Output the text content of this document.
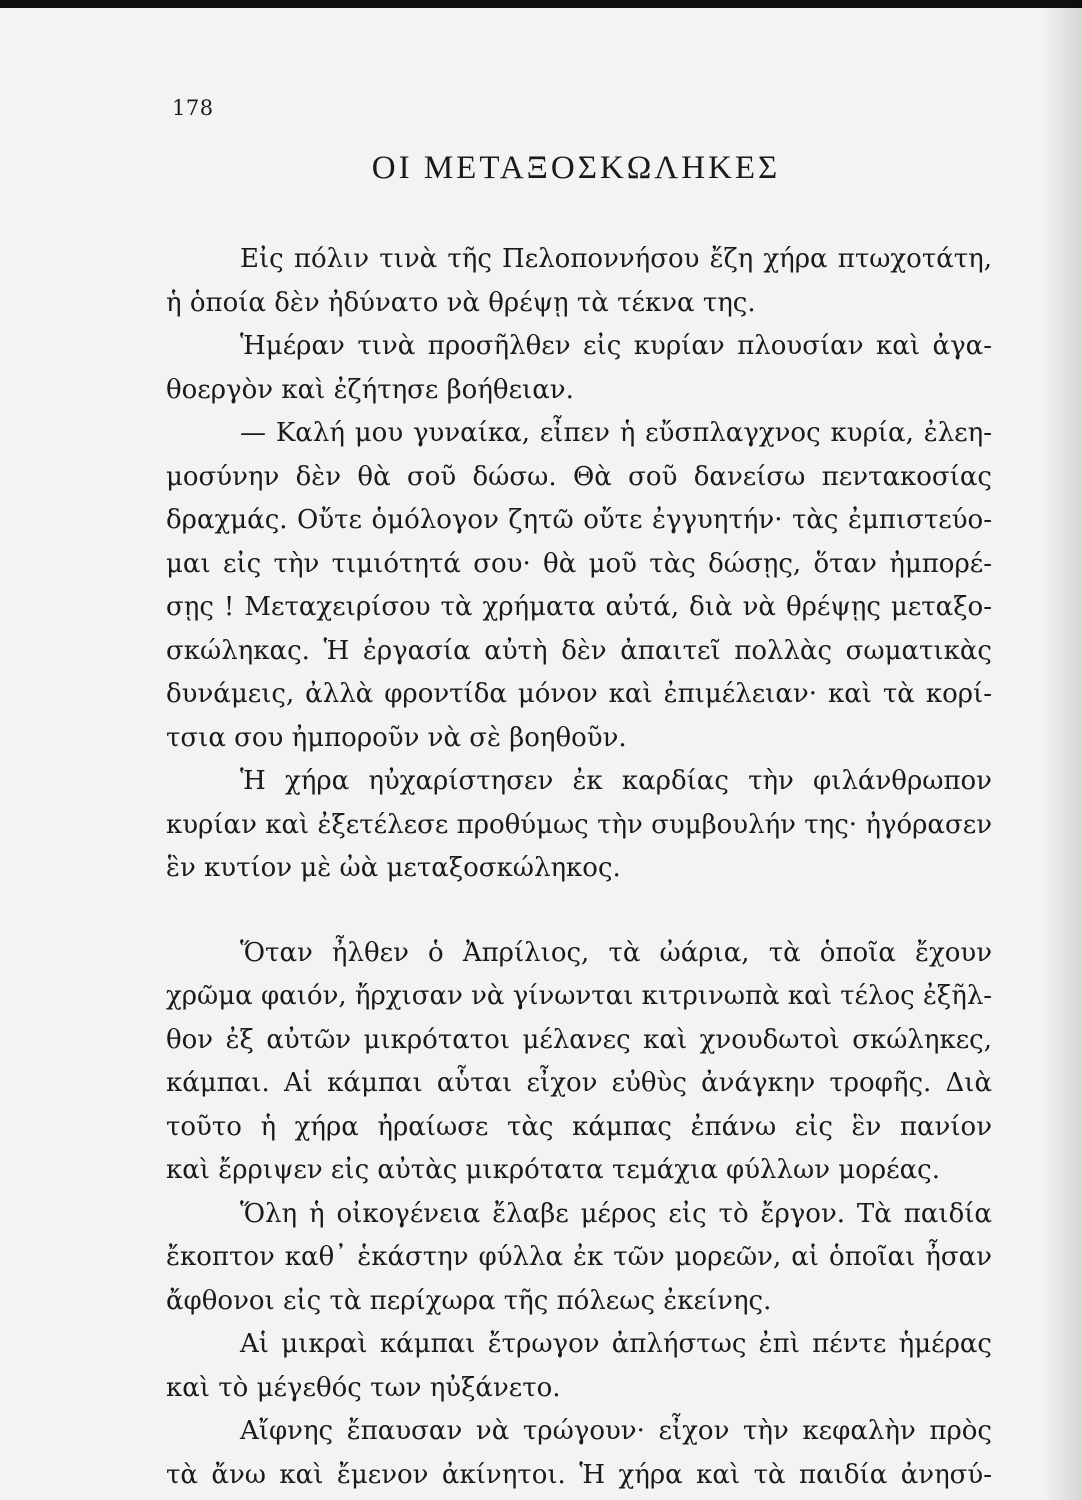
178
ΟΙ ΜΕΤΑΞΟΣΚΩΛΗΚΕΣ
Εἰς πόλιν τινὰ τῆς Πελοποννήσου ἔζη χήρα πτωχοτάτη,
ἡ ὁποία δὲν ἠδύνατο νὰ θρέψῃ τὰ τέκνα της.
Ἡμέραν τινὰ προσῆλθεν εἰς κυρίαν πλουσίαν καὶ ἀγα-
θοεργὸν καὶ ἐζήτησε βοήθειαν.
— Καλή μου γυναίκα, εἶπεν ἡ εὔσπλαγχνος κυρία, ἐλεη-
μοσύνην δὲν θὰ σοῦ δώσω. Θὰ σοῦ δανείσω πεντακοσίας
δραχμάς. Οὔτε ὁμόλογον ζητῶ οὔτε ἐγγυητήν· τὰς ἐμπιστεύο-
μαι εἰς τὴν τιμιότητά σου· θὰ μοῦ τὰς δώσῃς, ὅταν ἠμπορέ-
σῃς ! Μεταχειρίσου τὰ χρήματα αὐτά, διὰ νὰ θρέψῃς μεταξο-
σκώληκας. Ἡ ἐργασία αὐτὴ δὲν ἀπαιτεῖ πολλὰς σωματικὰς
δυνάμεις, ἀλλὰ φροντίδα μόνον καὶ ἐπιμέλειαν· καὶ τὰ κορί-
τσια σου ἠμποροῦν νὰ σὲ βοηθοῦν.
Ἡ χήρα ηὐχαρίστησεν ἐκ καρδίας τὴν φιλάνθρωπον
κυρίαν καὶ ἐξετέλεσε προθύμως τὴν συμβουλήν της· ἠγόρασεν
ἓν κυτίον μὲ ὠὰ μεταξοσκώληκος.
Ὅταν ἦλθεν ὁ Ἀπρίλιος, τὰ ὠάρια, τὰ ὁποῖα ἔχουν
χρῶμα φαιόν, ἤρχισαν νὰ γίνωνται κιτρινωπὰ καὶ τέλος ἐξῆλ-
θον ἐξ αὐτῶν μικρότατοι μέλανες καὶ χνουδωτοὶ σκώληκες,
κάμπαι. Αἱ κάμπαι αὗται εἶχον εὐθὺς ἀνάγκην τροφῆς. Διὰ
τοῦτο ἡ χήρα ἠραίωσε τὰς κάμπας ἐπάνω εἰς ἓν πανίον
καὶ ἔρριψεν εἰς αὐτὰς μικρότατα τεμάχια φύλλων μορέας.
Ὅλη ἡ οἰκογένεια ἔλαβε μέρος εἰς τὸ ἔργον. Τὰ παιδία
ἔκοπτον καθ᾿ ἑκάστην φύλλα ἐκ τῶν μορεῶν, αἱ ὁποῖαι ἦσαν
ἄφθονοι εἰς τὰ περίχωρα τῆς πόλεως ἐκείνης.
Αἱ μικραὶ κάμπαι ἔτρωγον ἀπλήστως ἐπὶ πέντε ἡμέρας
καὶ τὸ μέγεθός των ηὐξάνετο.
Αἴφνης ἔπαυσαν νὰ τρώγουν· εἶχον τὴν κεφαλὴν πρὸς
τὰ ἄνω καὶ ἔμενον ἀκίνητοι. Ἡ χήρα καὶ τὰ παιδία ἀνησύ-
